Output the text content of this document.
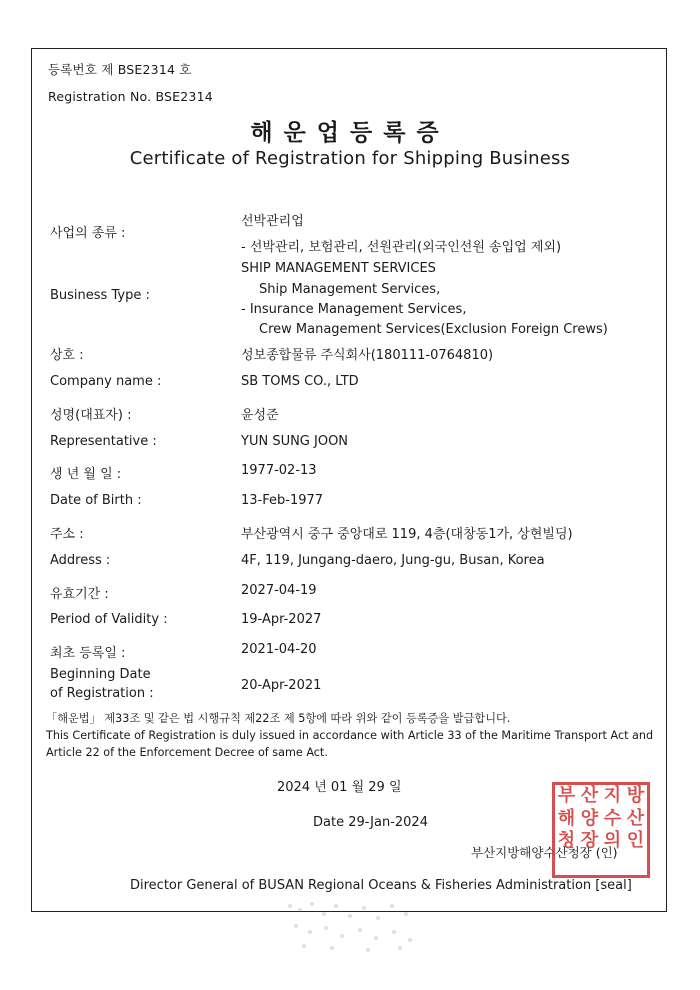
등록번호 제 BSE2314 호
Registration No. BSE2314
해운업등록증
Certificate of Registration for Shipping Business
사업의 종류 :
선박관리업
- 선박관리, 보험관리, 선원관리(외국인선원 송입업 제외)
Business Type :
SHIP MANAGEMENT SERVICES
Ship Management Services,
- Insurance Management Services,
Crew Management Services(Exclusion Foreign Crews)
상호 :	성보종합물류 주식회사(180111-0764810)
Company name :	SB TOMS CO., LTD
성명(대표자) :	윤성준
Representative :	YUN SUNG JOON
생 년 월 일 :	1977-02-13
Date of Birth :	13-Feb-1977
주소 :	부산광역시 중구 중앙대로 119, 4층(대창동1가, 상현빌딩)
Address :	4F, 119, Jungang-daero, Jung-gu, Busan, Korea
유효기간 :	2027-04-19
Period of Validity :	19-Apr-2027
최초 등록일 :	2021-04-20
Beginning Date
of Registration :
20-Apr-2021
「해운법」 제33조 및 같은 법 시행규칙 제22조 제 5항에 따라 위와 같이 등록증을 발급합니다.
This Certificate of Registration is duly issued in accordance with Article 33 of the Maritime Transport Act and Article 22 of the Enforcement Decree of same Act.
2024 년 01 월 29 일
Date 29-Jan-2024
부산지방해양수산청장 (인)
Director General of BUSAN Regional Oceans & Fisheries Administration [seal]
부 산 지 방
해 양 수 산
청 장 의 인
